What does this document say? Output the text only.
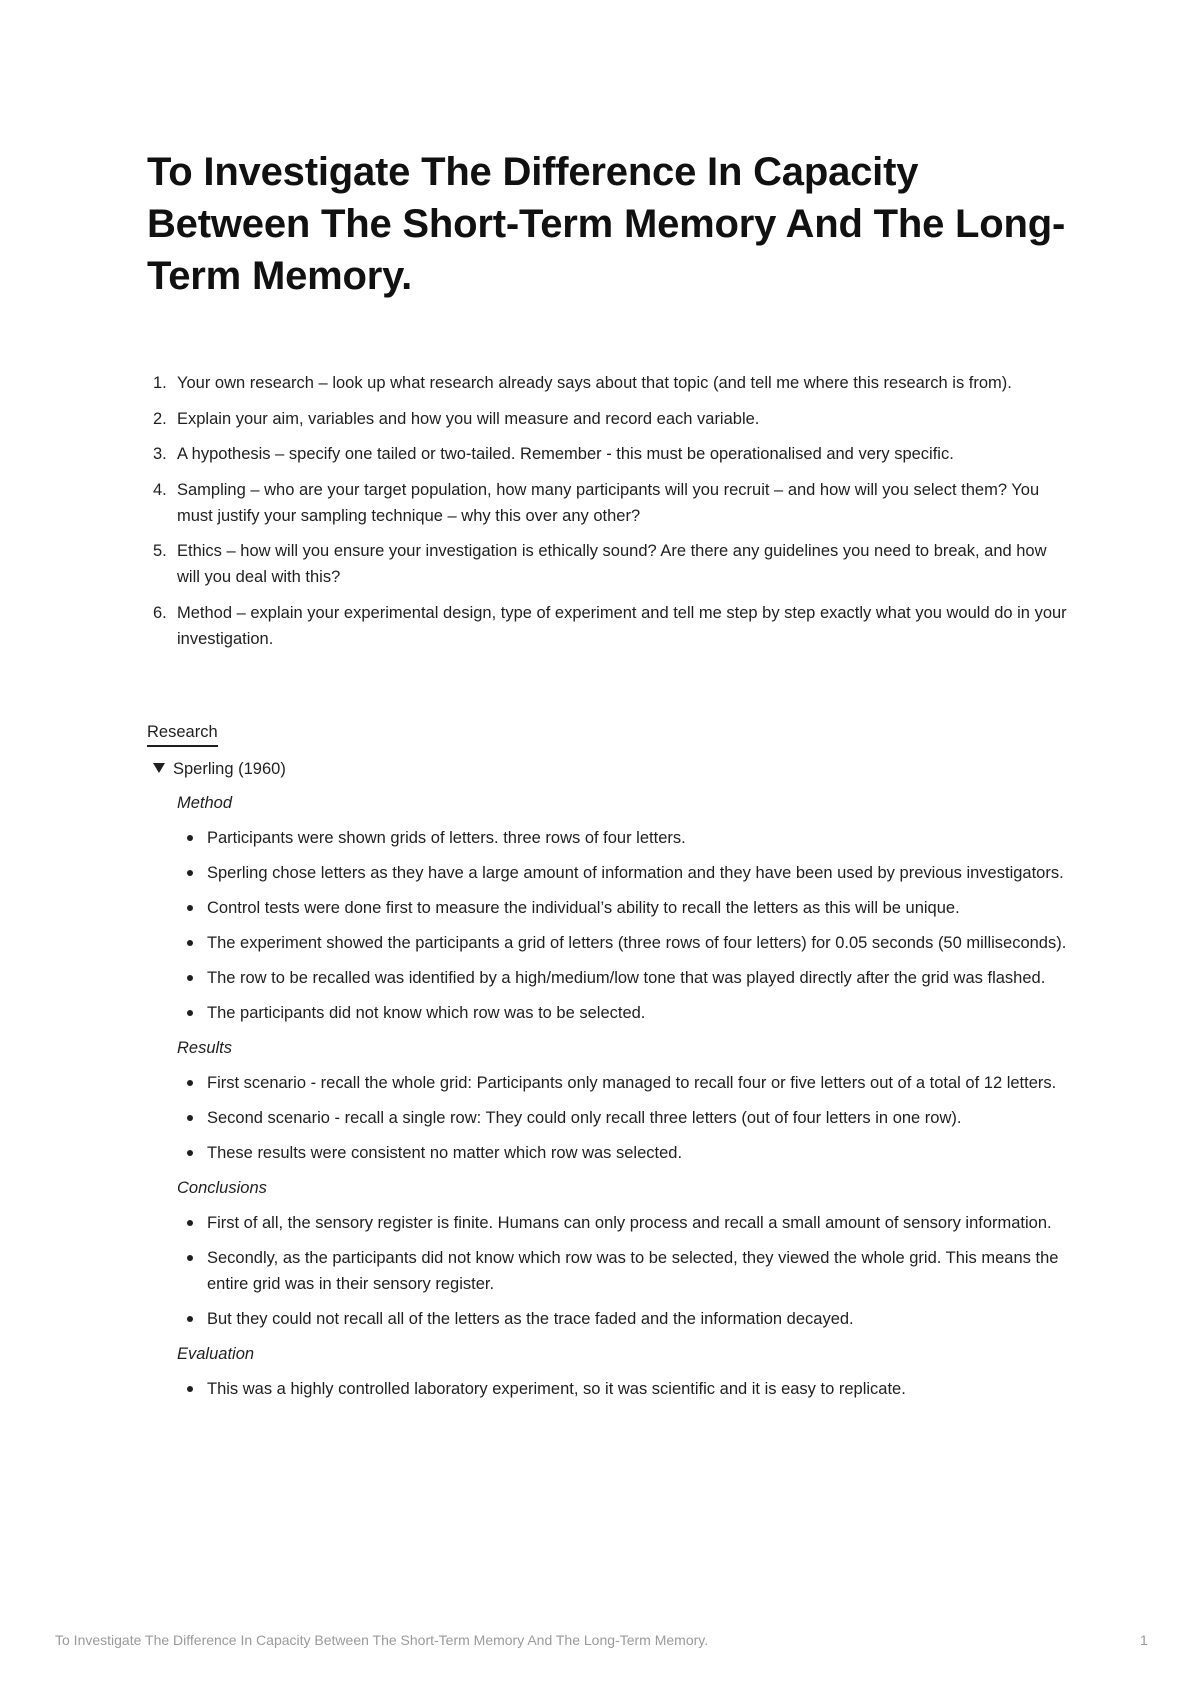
To Investigate The Difference In Capacity Between The Short-Term Memory And The Long-Term Memory.
1. Your own research – look up what research already says about that topic (and tell me where this research is from).
2. Explain your aim, variables and how you will measure and record each variable.
3. A hypothesis – specify one tailed or two-tailed. Remember - this must be operationalised and very specific.
4. Sampling – who are your target population, how many participants will you recruit – and how will you select them? You must justify your sampling technique – why this over any other?
5. Ethics – how will you ensure your investigation is ethically sound? Are there any guidelines you need to break, and how will you deal with this?
6. Method – explain your experimental design, type of experiment and tell me step by step exactly what you would do in your investigation.
Research
Sperling (1960)
Method
Participants were shown grids of letters. three rows of four letters.
Sperling chose letters as they have a large amount of information and they have been used by previous investigators.
Control tests were done first to measure the individual’s ability to recall the letters as this will be unique.
The experiment showed the participants a grid of letters (three rows of four letters) for 0.05 seconds (50 milliseconds).
The row to be recalled was identified by a high/medium/low tone that was played directly after the grid was flashed.
The participants did not know which row was to be selected.
Results
First scenario - recall the whole grid: Participants only managed to recall four or five letters out of a total of 12 letters.
Second scenario - recall a single row: They could only recall three letters (out of four letters in one row).
These results were consistent no matter which row was selected.
Conclusions
First of all, the sensory register is finite. Humans can only process and recall a small amount of sensory information.
Secondly, as the participants did not know which row was to be selected, they viewed the whole grid. This means the entire grid was in their sensory register.
But they could not recall all of the letters as the trace faded and the information decayed.
Evaluation
This was a highly controlled laboratory experiment, so it was scientific and it is easy to replicate.
To Investigate The Difference In Capacity Between The Short-Term Memory And The Long-Term Memory.	1
